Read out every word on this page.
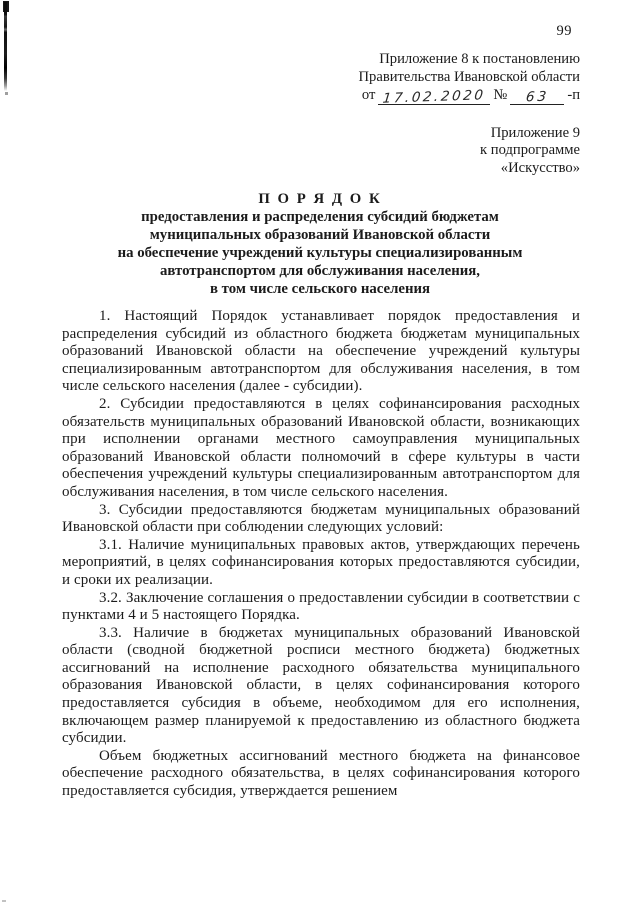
99
Приложение 8 к постановлению
Правительства Ивановской области
от 17.02.2020 № 63 -п
Приложение 9
к подпрограмме
«Искусство»
П О Р Я Д О К
предоставления и распределения субсидий бюджетам
муниципальных образований Ивановской области
на обеспечение учреждений культуры специализированным
автотранспортом для обслуживания населения,
в том числе сельского населения

1. Настоящий Порядок устанавливает порядок предоставления и распределения субсидий из областного бюджета бюджетам муниципальных образований Ивановской области на обеспечение учреждений культуры специализированным автотранспортом для обслуживания населения, в том числе сельского населения (далее - субсидии).

2. Субсидии предоставляются в целях софинансирования расходных обязательств муниципальных образований Ивановской области, возникающих при исполнении органами местного самоуправления муниципальных образований Ивановской области полномочий в сфере культуры в части обеспечения учреждений культуры специализированным автотранспортом для обслуживания населения, в том числе сельского населения.

3. Субсидии предоставляются бюджетам муниципальных образований Ивановской области при соблюдении следующих условий:

3.1. Наличие муниципальных правовых актов, утверждающих перечень мероприятий, в целях софинансирования которых предоставляются субсидии, и сроки их реализации.

3.2. Заключение соглашения о предоставлении субсидии в соответствии с пунктами 4 и 5 настоящего Порядка.

3.3. Наличие в бюджетах муниципальных образований Ивановской области (сводной бюджетной росписи местного бюджета) бюджетных ассигнований на исполнение расходного обязательства муниципального образования Ивановской области, в целях софинансирования которого предоставляется субсидия в объеме, необходимом для его исполнения, включающем размер планируемой к предоставлению из областного бюджета субсидии.

Объем бюджетных ассигнований местного бюджета на финансовое обеспечение расходного обязательства, в целях софинансирования которого предоставляется субсидия, утверждается решением
